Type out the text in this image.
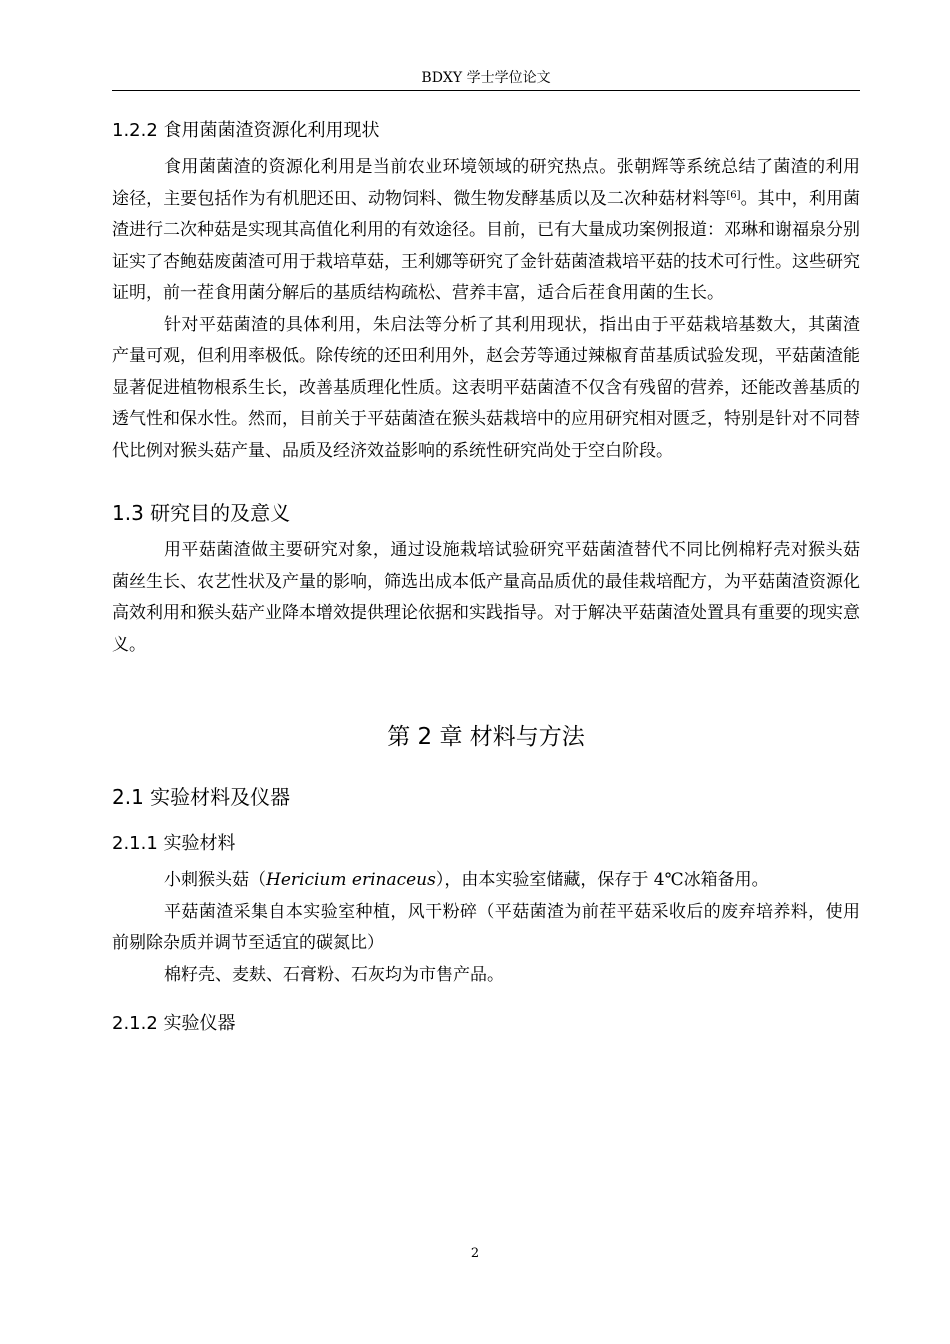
BDXY 学士学位论文
1.2.2 食用菌菌渣资源化利用现状

食用菌菌渣的资源化利用是当前农业环境领域的研究热点。张朝辉等系统总结了菌渣的利用途径，主要包括作为有机肥还田、动物饲料、微生物发酵基质以及二次种菇材料等[6]。其中，利用菌渣进行二次种菇是实现其高值化利用的有效途径。目前，已有大量成功案例报道：邓琳和谢福泉分别证实了杏鲍菇废菌渣可用于栽培草菇，王利娜等研究了金针菇菌渣栽培平菇的技术可行性。这些研究证明，前一茬食用菌分解后的基质结构疏松、营养丰富，适合后茬食用菌的生长。

针对平菇菌渣的具体利用，朱启法等分析了其利用现状，指出由于平菇栽培基数大，其菌渣产量可观，但利用率极低。除传统的还田利用外，赵会芳等通过辣椒育苗基质试验发现，平菇菌渣能显著促进植物根系生长，改善基质理化性质。这表明平菇菌渣不仅含有残留的营养，还能改善基质的透气性和保水性。然而，目前关于平菇菌渣在猴头菇栽培中的应用研究相对匮乏，特别是针对不同替代比例对猴头菇产量、品质及经济效益影响的系统性研究尚处于空白阶段。

1.3 研究目的及意义

用平菇菌渣做主要研究对象，通过设施栽培试验研究平菇菌渣替代不同比例棉籽壳对猴头菇菌丝生长、农艺性状及产量的影响，筛选出成本低产量高品质优的最佳栽培配方，为平菇菌渣资源化高效利用和猴头菇产业降本增效提供理论依据和实践指导。对于解决平菇菌渣处置具有重要的现实意义。

第 2 章 材料与方法
2.1 实验材料及仪器
2.1.1 实验材料

小刺猴头菇（Hericium erinaceus），由本实验室储藏，保存于 4℃冰箱备用。

平菇菌渣采集自本实验室种植，风干粉碎（平菇菌渣为前茬平菇采收后的废弃培养料，使用前剔除杂质并调节至适宜的碳氮比）

棉籽壳、麦麸、石膏粉、石灰均为市售产品。

2.1.2 实验仪器
2
